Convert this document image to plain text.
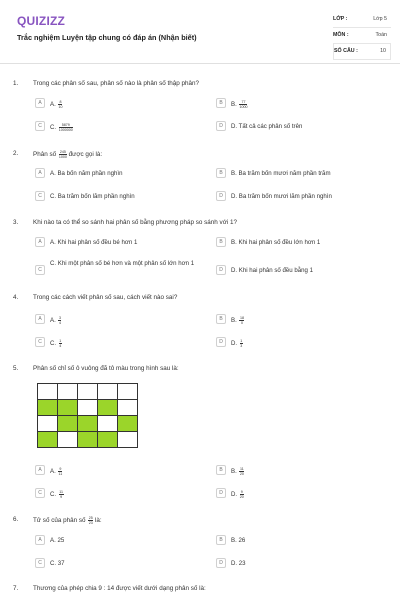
QUIZIZZ
Trắc nghiệm Luyện tập chung có đáp án (Nhận biết)
LỚP :	Lớp 5
MÔN :	Toán
SỐ CÂU :	10
1. Trong các phân số sau, phân số nào là phân số thập phân?
A	A. $\frac{8}{10}$	B	B. $\frac{77}{1000}$
C	C. $\frac{5879}{1000000}$	D	D. Tất cả các phân số trên
2. Phân số $\frac{245}{1000}$ được gọi là:
A	A. Ba bốn năm phần nghìn	B	B. Ba trăm bốn mươi năm phần trăm
C	C. Ba trăm bốn lăm phần nghìn	D	D. Ba trăm bốn mươi lăm phần nghìn
3. Khi nào ta có thể so sánh hai phân số bằng phương pháp so sánh với 1?
A	A. Khi hai phân số đều bé hơn 1	B	B. Khi hai phân số đều lớn hơn 1
C
C. Khi một phân số bé hơn và một phân số lớn hơn 1
D	D. Khi hai phân số đều bằng 1
4. Trong các cách viết phân số sau, cách viết nào sai?
A	A. $\frac{3}{4}$	B	B. $\frac{18}{0}$
C	C. $\frac{1}{4}$	D	D. $\frac{1}{3}$
5. Phân số chỉ số ô vuông đã tô màu trong hình sau là:

A	A. $\frac{9}{11}$	B	B. $\frac{11}{20}$
C	C. $\frac{11}{9}$	D	D. $\frac{9}{20}$
6. Tử số của phân số $\frac{25}{23}$ là:
A	A. 25	B	B. 26
C	C. 37	D	D. 23
7. Thương của phép chia 9 : 14 được viết dưới dạng phân số là:
